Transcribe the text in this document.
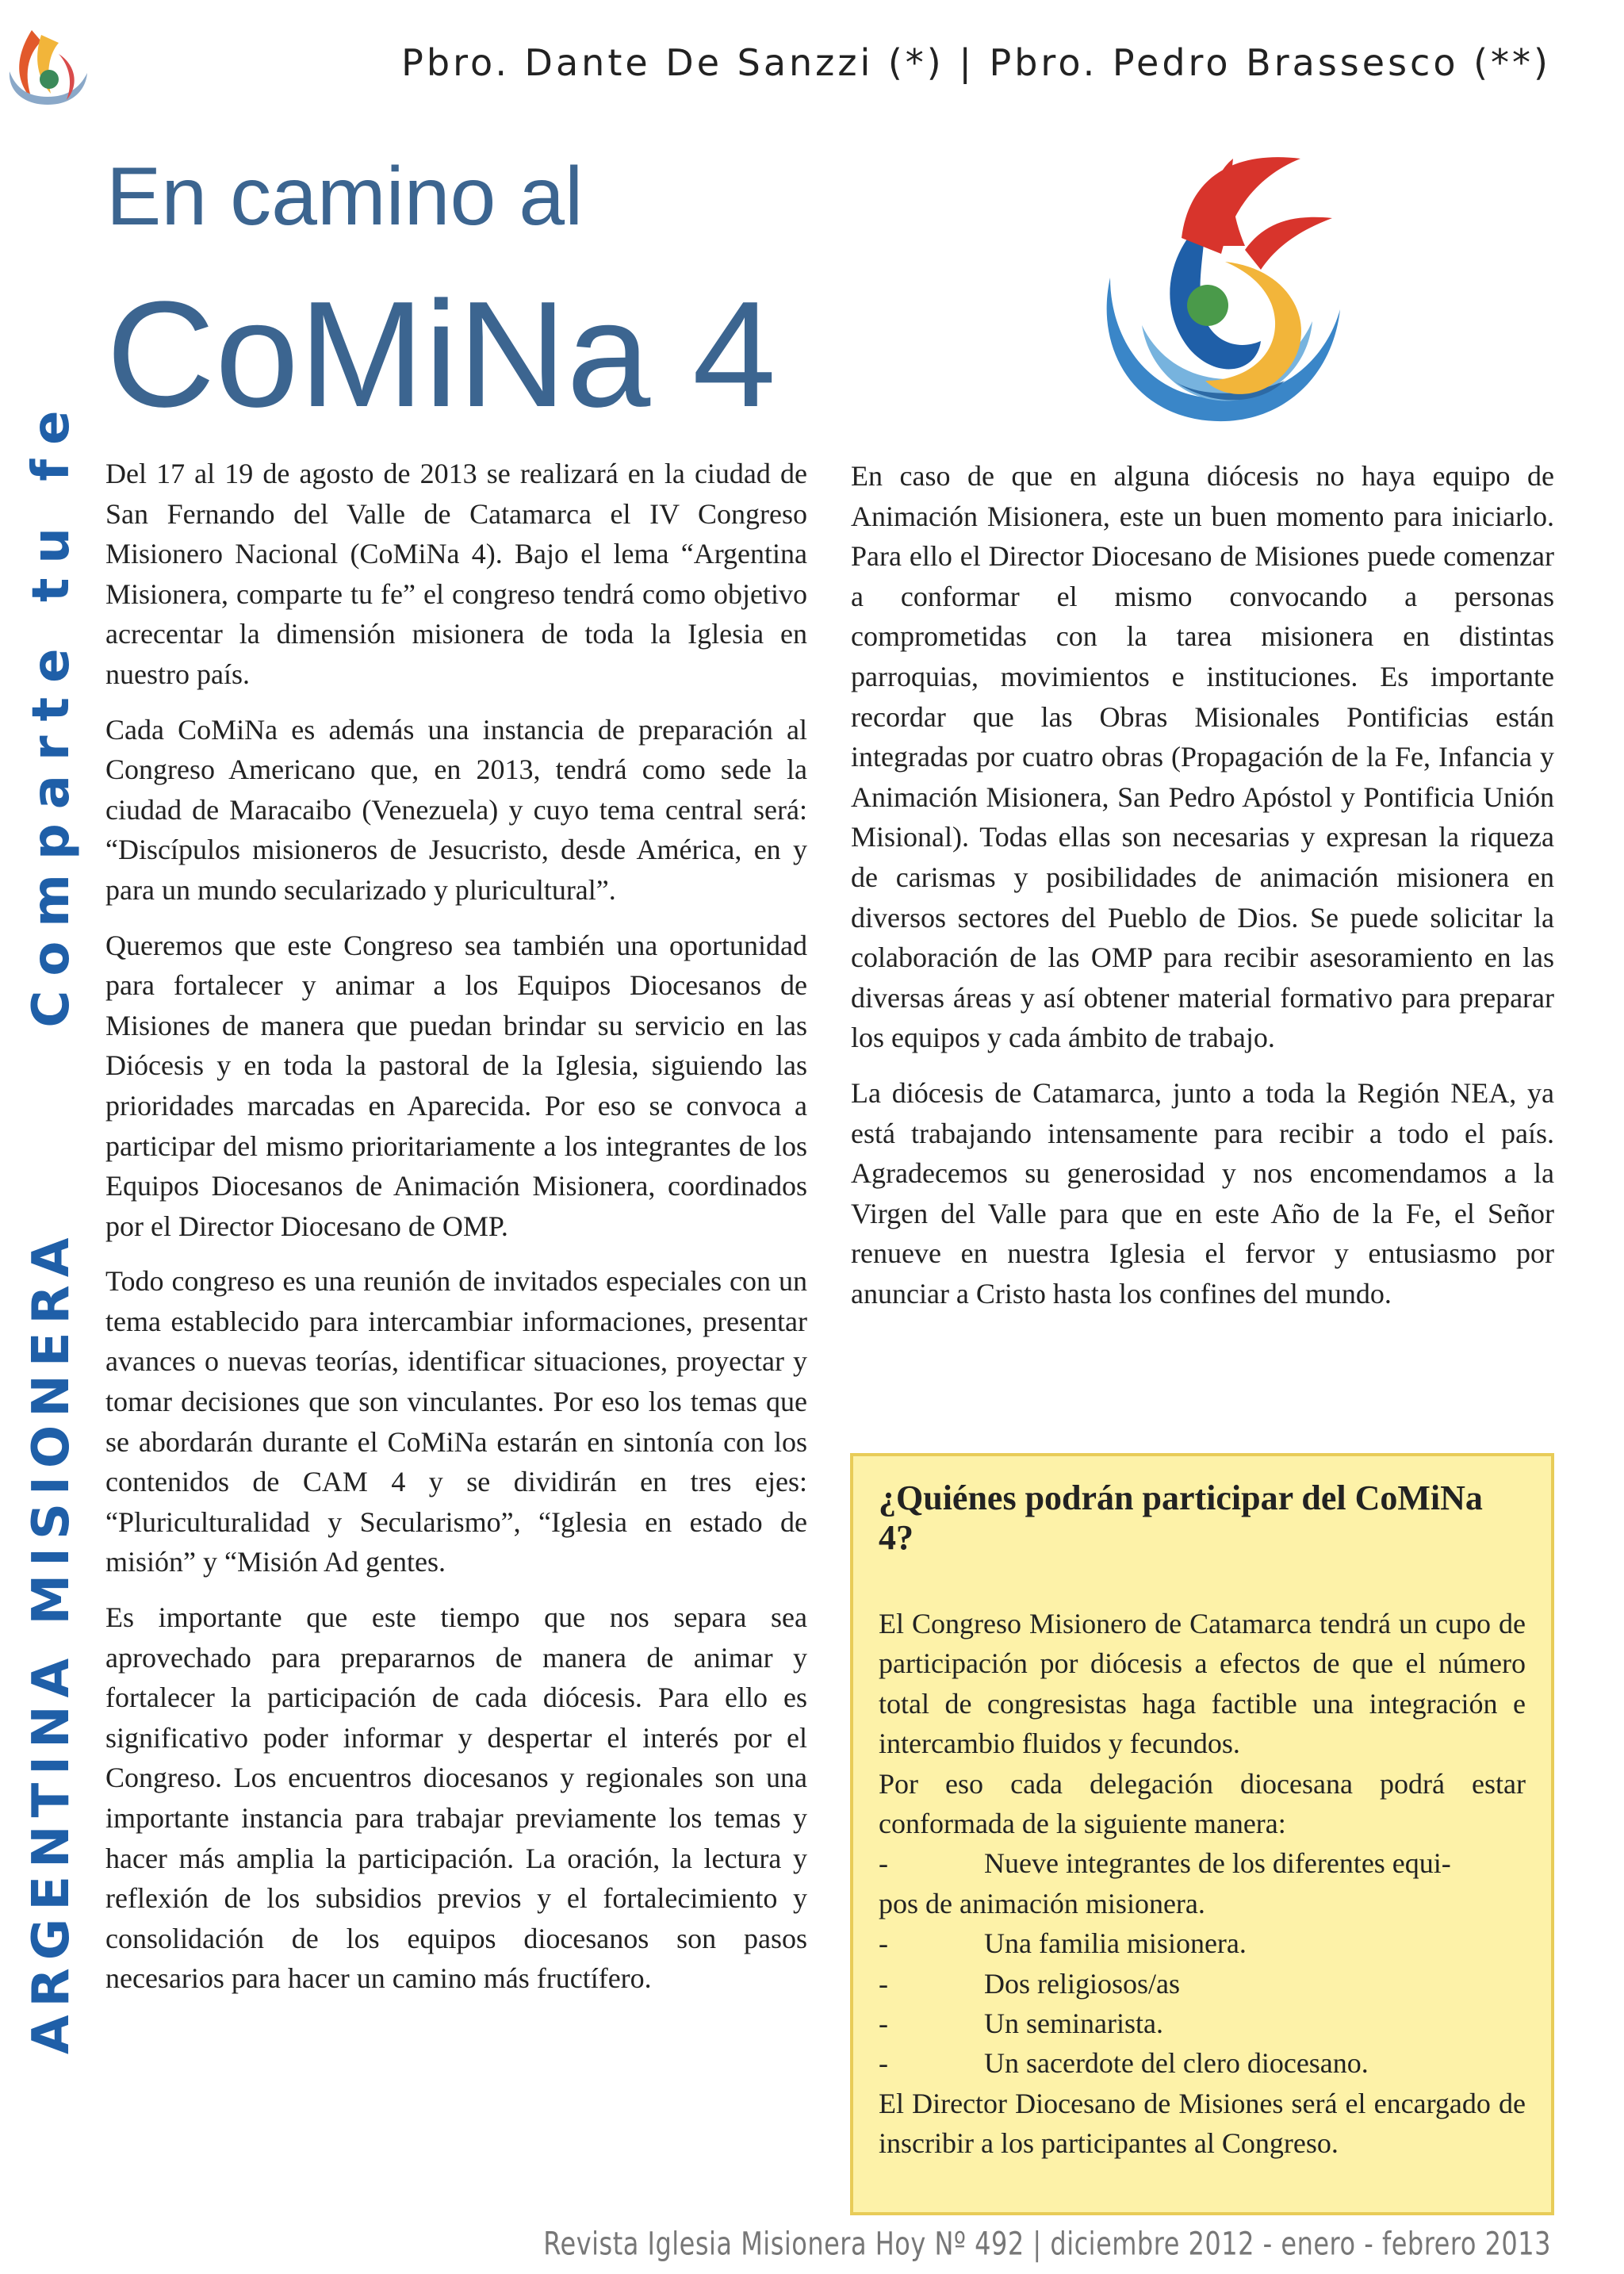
Pbro. Dante De Sanzzi (*) | Pbro. Pedro Brassesco (**)
En camino al
CoMiNa 4
ARGENTINA MISIONERAComparte tu fe Del 17 al 19 de agosto de 2013 se realizará en la ciudad de San Fernando del Valle de Catamarca el IV Congreso Misionero Nacional (CoMiNa 4). Bajo el lema “Argentina Misionera, comparte tu fe” el congreso tendrá como objetivo acrecentar la dimensión misionera de toda la Iglesia en nuestro país.

Cada CoMiNa es además una instancia de preparación al Congreso Americano que, en 2013, tendrá como sede la ciudad de Maracaibo (Venezuela) y cuyo tema central será: “Discípulos misioneros de Jesucristo, desde América, en y para un mundo secularizado y pluricultural”.

Queremos que este Congreso sea también una oportunidad para fortalecer y animar a los Equipos Diocesanos de Misiones de manera que puedan brindar su servicio en las Diócesis y en toda la pastoral de la Iglesia, siguiendo las prioridades marcadas en Aparecida. Por eso se convoca a participar del mismo prioritariamente a los integrantes de los Equipos Diocesanos de Animación Misionera, coordinados por el Director Diocesano de OMP.

Todo congreso es una reunión de invitados especiales con un tema establecido para intercambiar informaciones, presentar avances o nuevas teorías, identificar situaciones, proyectar y tomar decisiones que son vinculantes. Por eso los temas que se abordarán durante el CoMiNa estarán en sintonía con los contenidos de CAM 4 y se dividirán en tres ejes: “Pluriculturalidad y Secularismo”, “Iglesia en estado de misión” y “Misión Ad gentes.

Es importante que este tiempo que nos separa sea aprovechado para prepararnos de manera de animar y fortalecer la participación de cada diócesis. Para ello es significativo poder informar y despertar el interés por el Congreso. Los encuentros diocesanos y regionales son una importante instancia para trabajar previamente los temas y hacer más amplia la participación. La oración, la lectura y reflexión de los subsidios previos y el fortalecimiento y consolidación de los equipos diocesanos son pasos necesarios para hacer un camino más fructífero.

En caso de que en alguna diócesis no haya equipo de Animación Misionera, este un buen momento para iniciarlo. Para ello el Director Diocesano de Misiones puede comenzar a conformar el mismo convocando a personas comprometidas con la tarea misionera en distintas parroquias, movimientos e instituciones. Es importante recordar que las Obras Misionales Pontificias están integradas por cuatro obras (Propagación de la Fe, Infancia y Animación Misionera, San Pedro Apóstol y Pontificia Unión Misional). Todas ellas son necesarias y expresan la riqueza de carismas y posibilidades de animación misionera en diversos sectores del Pueblo de Dios. Se puede solicitar la colaboración de las OMP para recibir asesoramiento en las diversas áreas y así obtener material formativo para preparar los equipos y cada ámbito de trabajo.

La diócesis de Catamarca, junto a toda la Región NEA, ya está trabajando intensamente para recibir a todo el país. Agradecemos su generosidad y nos encomendamos a la Virgen del Valle para que en este Año de la Fe, el Señor renueve en nuestra Iglesia el fervor y entusiasmo por anunciar a Cristo hasta los confines del mundo.

¿Quiénes podrán participar del CoMiNa 4?

El Congreso Misionero de Catamarca tendrá un cupo de participación por diócesis a efectos de que el número total de congresistas haga factible una integración e intercambio fluidos y fecundos.

Por eso cada delegación diocesana podrá estar conformada de la siguiente manera:

-	Nueve integrantes de los diferentes equi-

pos de animación misionera.

-	Una familia misionera.

-	Dos religiosos/as

-	Un seminarista.

-	Un sacerdote del clero diocesano.

El Director Diocesano de Misiones será el encargado de inscribir a los participantes al Congreso.

Revista Iglesia Misionera Hoy Nº 492 | diciembre 2012 - enero - febrero 2013
